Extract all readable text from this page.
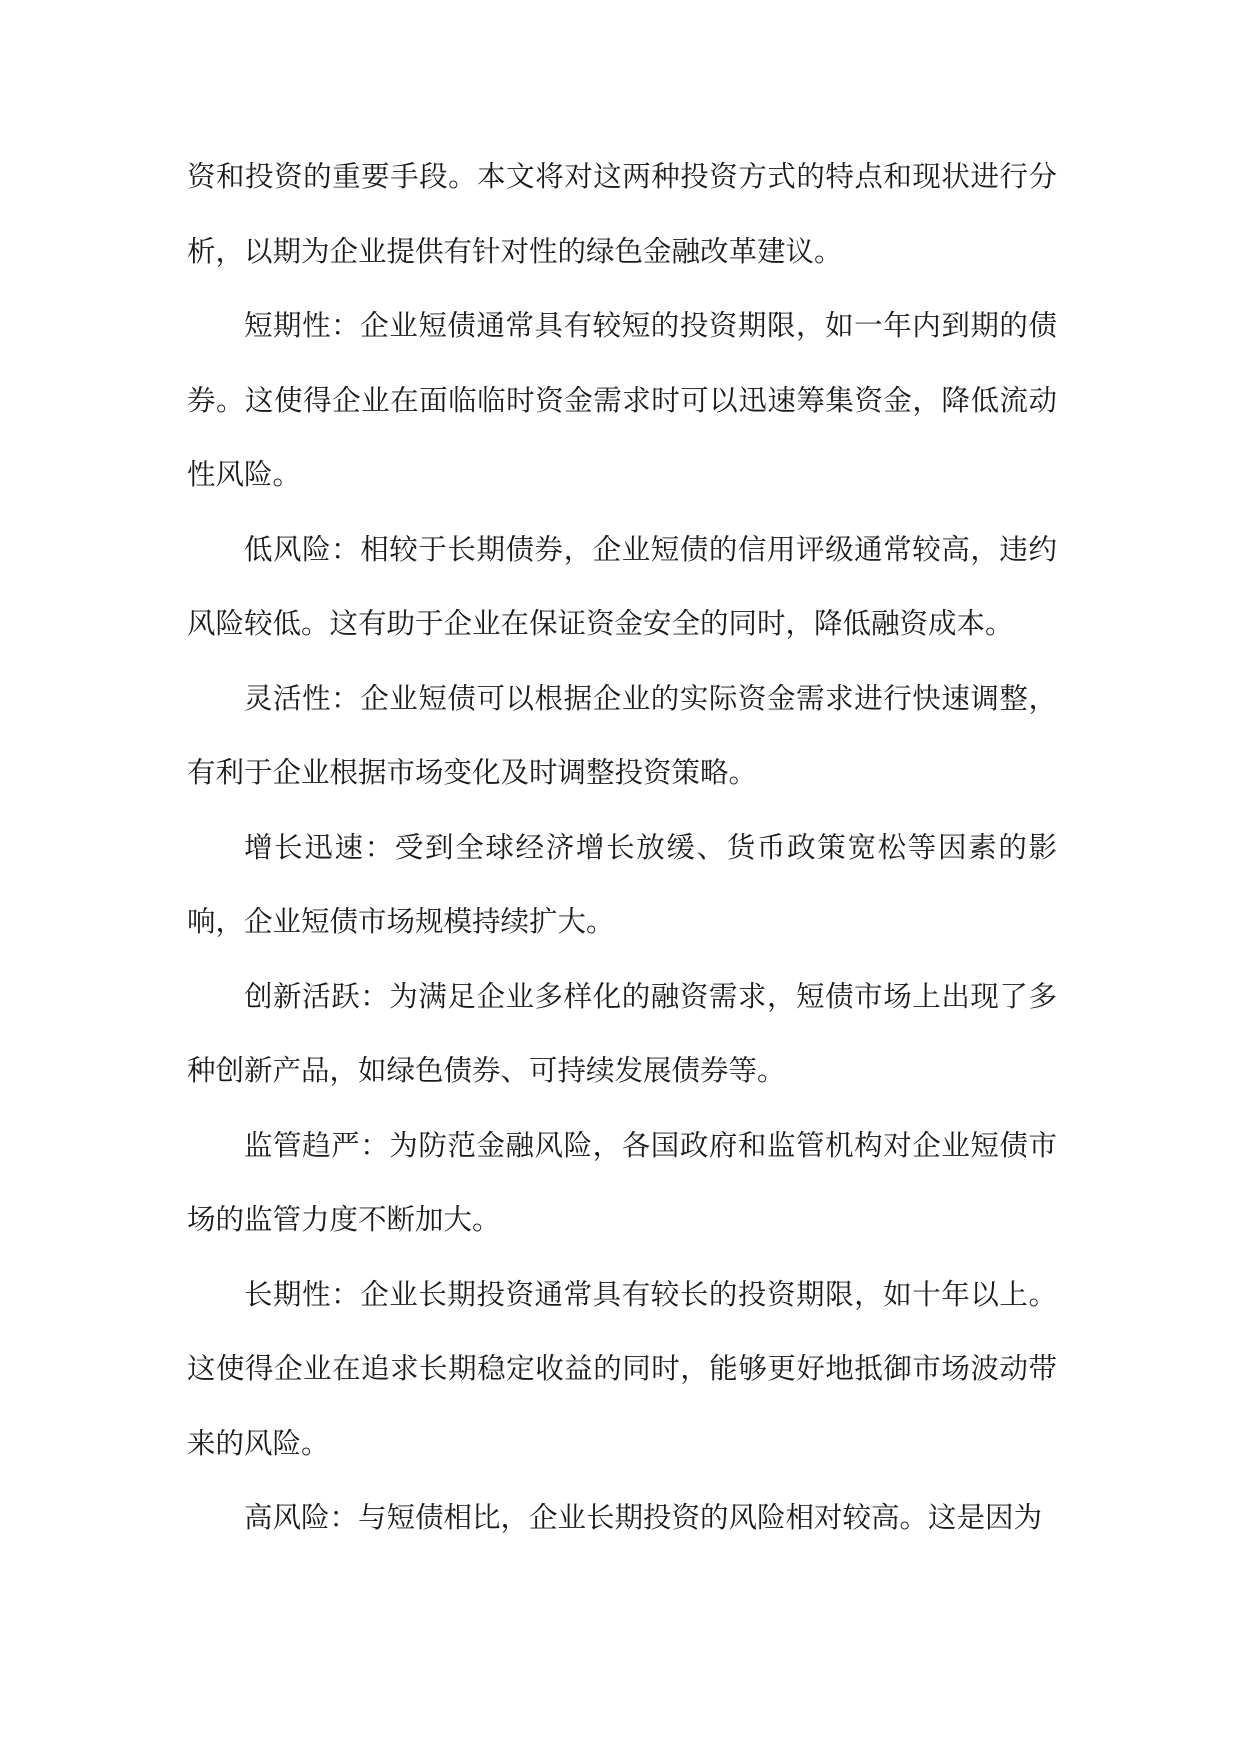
资和投资的重要手段。本文将对这两种投资方式的特点和现状进行分析，以期为企业提供有针对性的绿色金融改革建议。

短期性：企业短债通常具有较短的投资期限，如一年内到期的债券。这使得企业在面临临时资金需求时可以迅速筹集资金，降低流动性风险。

低风险：相较于长期债券，企业短债的信用评级通常较高，违约风险较低。这有助于企业在保证资金安全的同时，降低融资成本。

灵活性：企业短债可以根据企业的实际资金需求进行快速调整，有利于企业根据市场变化及时调整投资策略。

增长迅速：受到全球经济增长放缓、货币政策宽松等因素的影响，企业短债市场规模持续扩大。

创新活跃：为满足企业多样化的融资需求，短债市场上出现了多种创新产品，如绿色债券、可持续发展债券等。

监管趋严：为防范金融风险，各国政府和监管机构对企业短债市场的监管力度不断加大。

长期性：企业长期投资通常具有较长的投资期限，如十年以上。这使得企业在追求长期稳定收益的同时，能够更好地抵御市场波动带来的风险。

高风险：与短债相比，企业长期投资的风险相对较高。这是因为
